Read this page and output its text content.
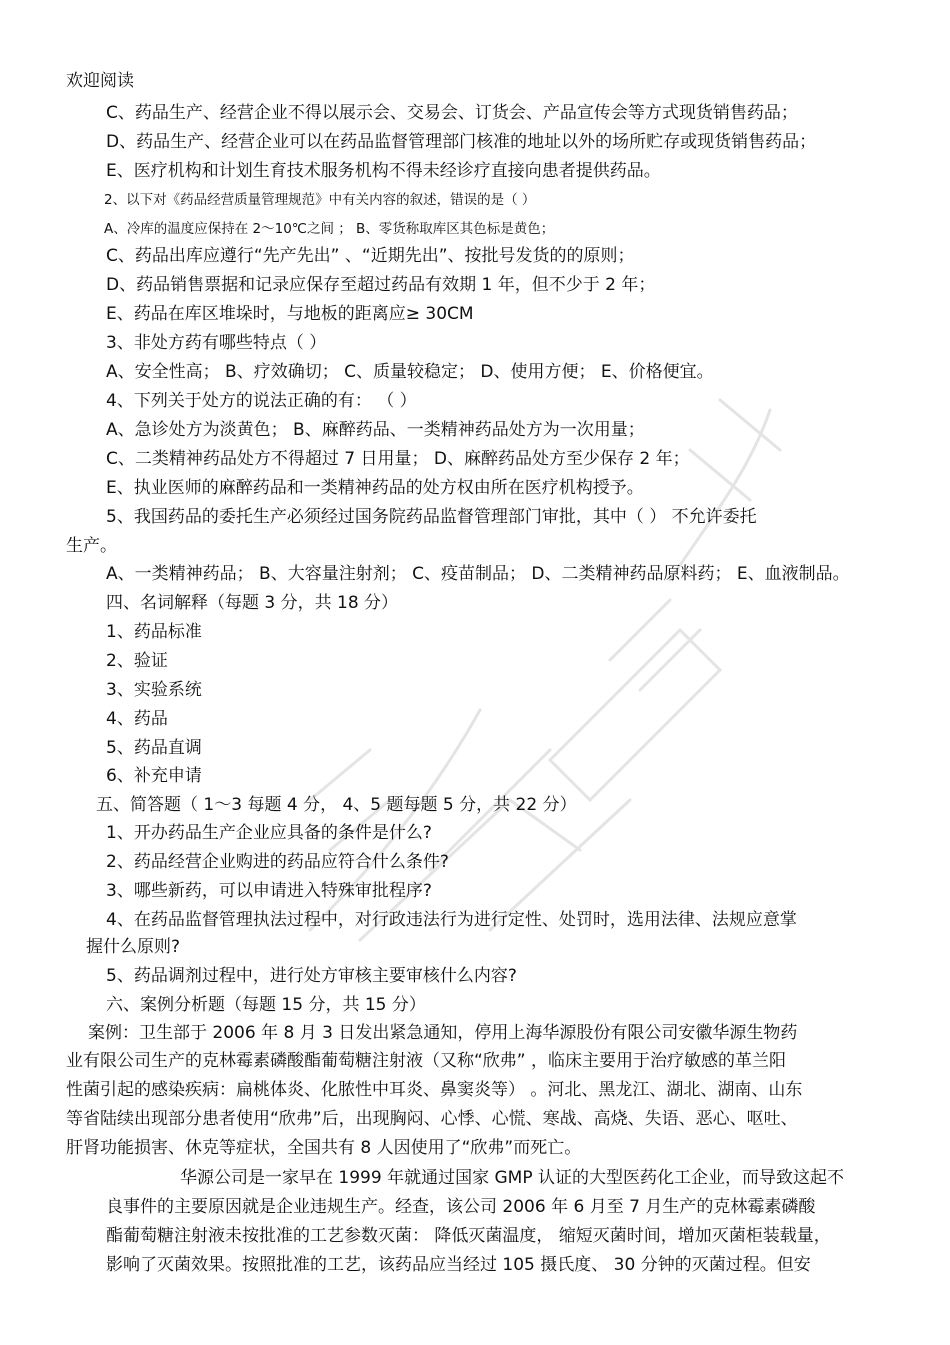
欢迎阅读
C、药品生产、经营企业不得以展示会、交易会、订货会、产品宣传会等方式现货销售药品；
D、药品生产、经营企业可以在药品监督管理部门核准的地址以外的场所贮存或现货销售药品；
E、医疗机构和计划生育技术服务机构不得未经诊疗直接向患者提供药品。
2、以下对《药品经营质量管理规范》中有关内容的叙述，错误的是（ ）
A、冷库的温度应保持在 2～10℃之间 ； B、零货称取库区其色标是黄色；
C、药品出库应遵行“先产先出” 、“近期先出”、按批号发货的的原则；
D、药品销售票据和记录应保存至超过药品有效期 1 年，但不少于 2 年；
E、药品在库区堆垛时，与地板的距离应≥ 30CM
3、非处方药有哪些特点（ ）
A、安全性高； B、疗效确切； C、质量较稳定； D、使用方便； E、价格便宜。
4、下列关于处方的说法正确的有： （ ）
A、急诊处方为淡黄色； B、麻醉药品、一类精神药品处方为一次用量；
C、二类精神药品处方不得超过 7 日用量； D、麻醉药品处方至少保存 2 年；
E、执业医师的麻醉药品和一类精神药品的处方权由所在医疗机构授予。
5、我国药品的委托生产必须经过国务院药品监督管理部门审批，其中（ ） 不允许委托
生产。
A、一类精神药品； B、大容量注射剂； C、疫苗制品； D、二类精神药品原料药； E、血液制品。
四、名词解释（每题 3 分，共 18 分）
1、药品标准
2、验证
3、实验系统
4、药品
5、药品直调
6、补充申请
五、简答题（ 1～3 每题 4 分， 4、5 题每题 5 分，共 22 分）
1、开办药品生产企业应具备的条件是什么?
2、药品经营企业购进的药品应符合什么条件?
3、哪些新药，可以申请进入特殊审批程序?
4、在药品监督管理执法过程中，对行政违法行为进行定性、处罚时，选用法律、法规应意掌
握什么原则?
5、药品调剂过程中，进行处方审核主要审核什么内容?
六、案例分析题（每题 15 分，共 15 分）
案例：卫生部于 2006 年 8 月 3 日发出紧急通知，停用上海华源股份有限公司安徽华源生物药
业有限公司生产的克林霉素磷酸酯葡萄糖注射液（又称“欣弗” ，临床主要用于治疗敏感的革兰阳
性菌引起的感染疾病：扁桃体炎、化脓性中耳炎、鼻窦炎等） 。河北、黑龙江、湖北、湖南、山东
等省陆续出现部分患者使用“欣弗”后，出现胸闷、心悸、心慌、寒战、高烧、失语、恶心、呕吐、
肝肾功能损害、休克等症状，全国共有 8 人因使用了“欣弗”而死亡。
华源公司是一家早在 1999 年就通过国家 GMP 认证的大型医药化工企业，而导致这起不
良事件的主要原因就是企业违规生产。经查，该公司 2006 年 6 月至 7 月生产的克林霉素磷酸
酯葡萄糖注射液未按批准的工艺参数灭菌： 降低灭菌温度， 缩短灭菌时间，增加灭菌柜装载量，
影响了灭菌效果。按照批准的工艺，该药品应当经过 105 摄氏度、 30 分钟的灭菌过程。但安
